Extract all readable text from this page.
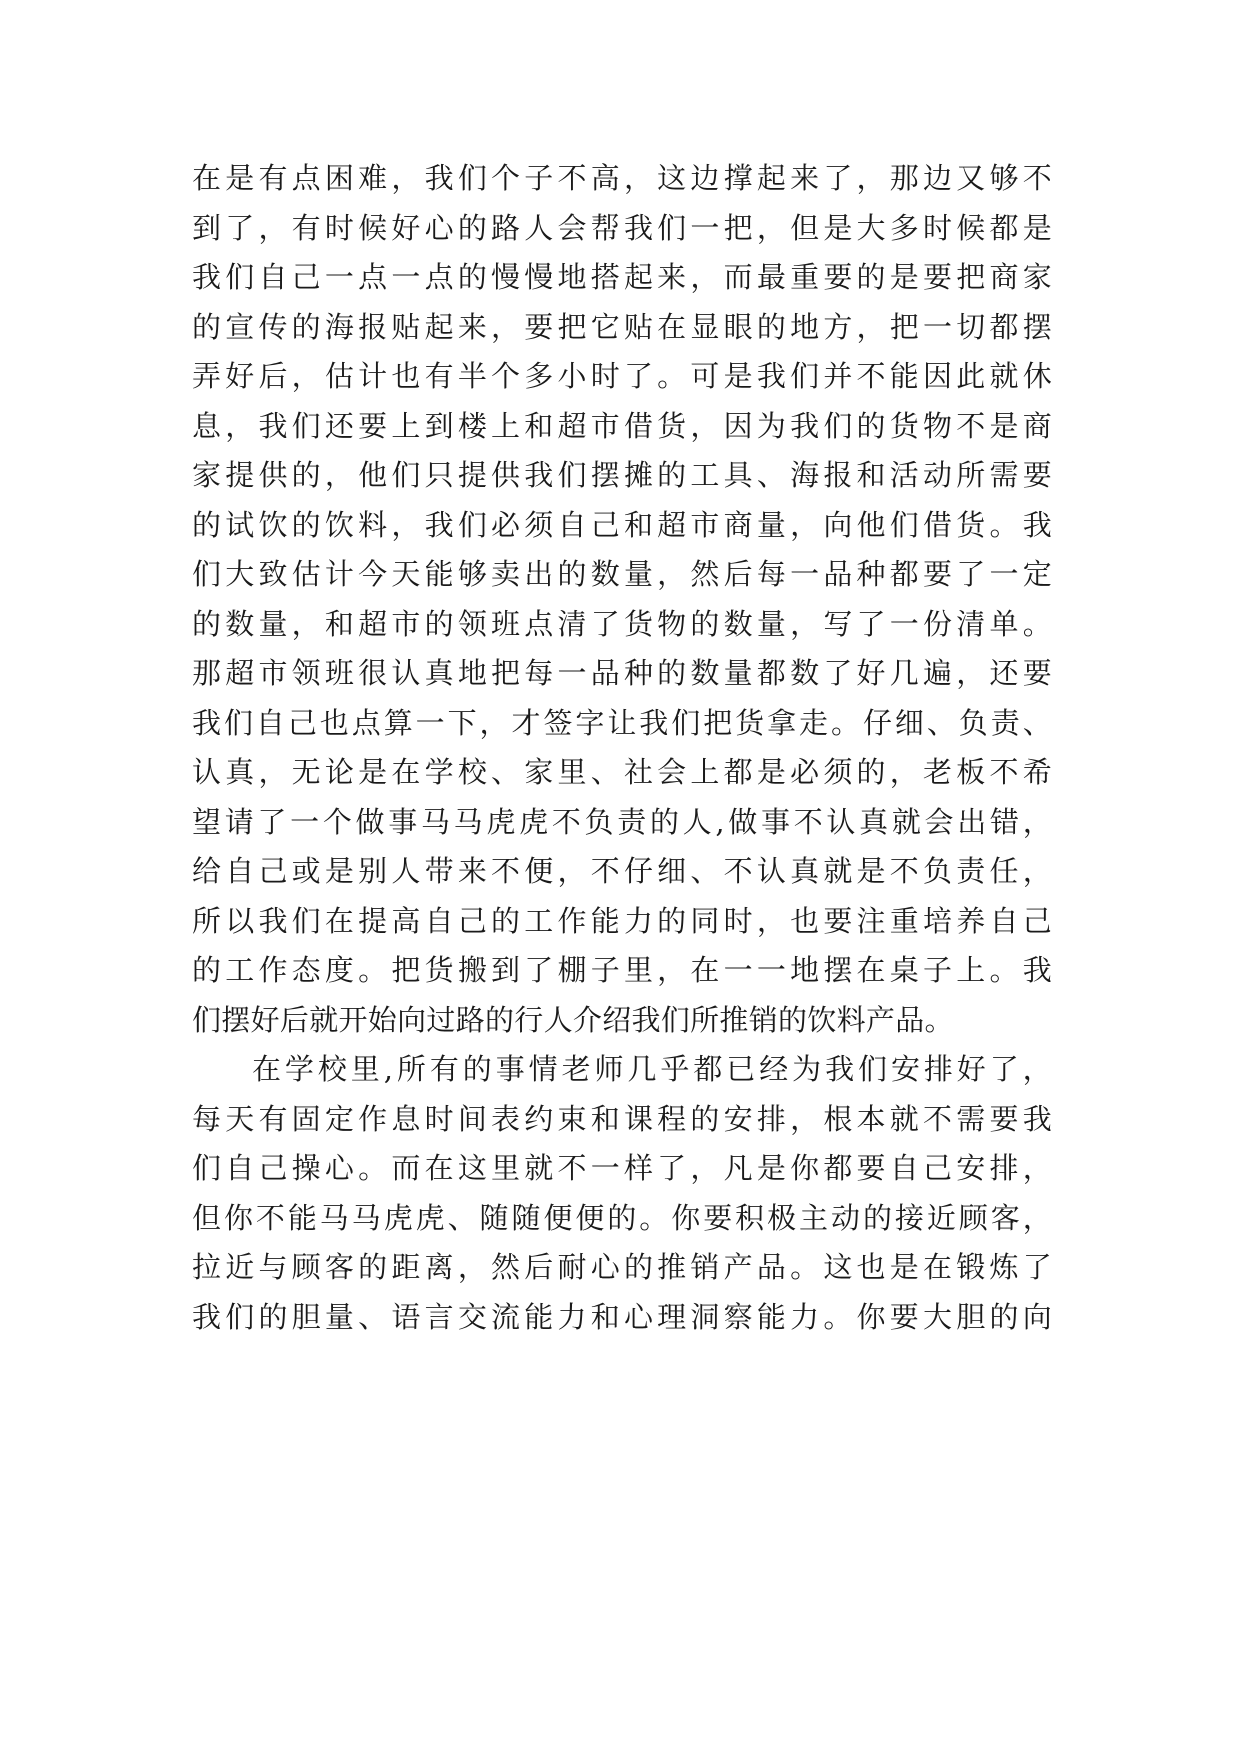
在是有点困难，我们个子不高，这边撑起来了，那边又够不
到了，有时候好心的路人会帮我们一把，但是大多时候都是
我们自己一点一点的慢慢地搭起来，而最重要的是要把商家
的宣传的海报贴起来，要把它贴在显眼的地方，把一切都摆
弄好后，估计也有半个多小时了。可是我们并不能因此就休
息，我们还要上到楼上和超市借货，因为我们的货物不是商
家提供的，他们只提供我们摆摊的工具、海报和活动所需要
的试饮的饮料，我们必须自己和超市商量，向他们借货。我
们大致估计今天能够卖出的数量，然后每一品种都要了一定
的数量，和超市的领班点清了货物的数量，写了一份清单。
那超市领班很认真地把每一品种的数量都数了好几遍，还要
我们自己也点算一下，才签字让我们把货拿走。仔细、负责、
认真，无论是在学校、家里、社会上都是必须的，老板不希
望请了一个做事马马虎虎不负责的人,做事不认真就会出错，
给自己或是别人带来不便，不仔细、不认真就是不负责任，
所以我们在提高自己的工作能力的同时，也要注重培养自己
的工作态度。把货搬到了棚子里，在一一地摆在桌子上。我
们摆好后就开始向过路的行人介绍我们所推销的饮料产品。
在学校里,所有的事情老师几乎都已经为我们安排好了，
每天有固定作息时间表约束和课程的安排，根本就不需要我
们自己操心。而在这里就不一样了，凡是你都要自己安排，
但你不能马马虎虎、随随便便的。你要积极主动的接近顾客，
拉近与顾客的距离，然后耐心的推销产品。这也是在锻炼了
我们的胆量、语言交流能力和心理洞察能力。你要大胆的向
